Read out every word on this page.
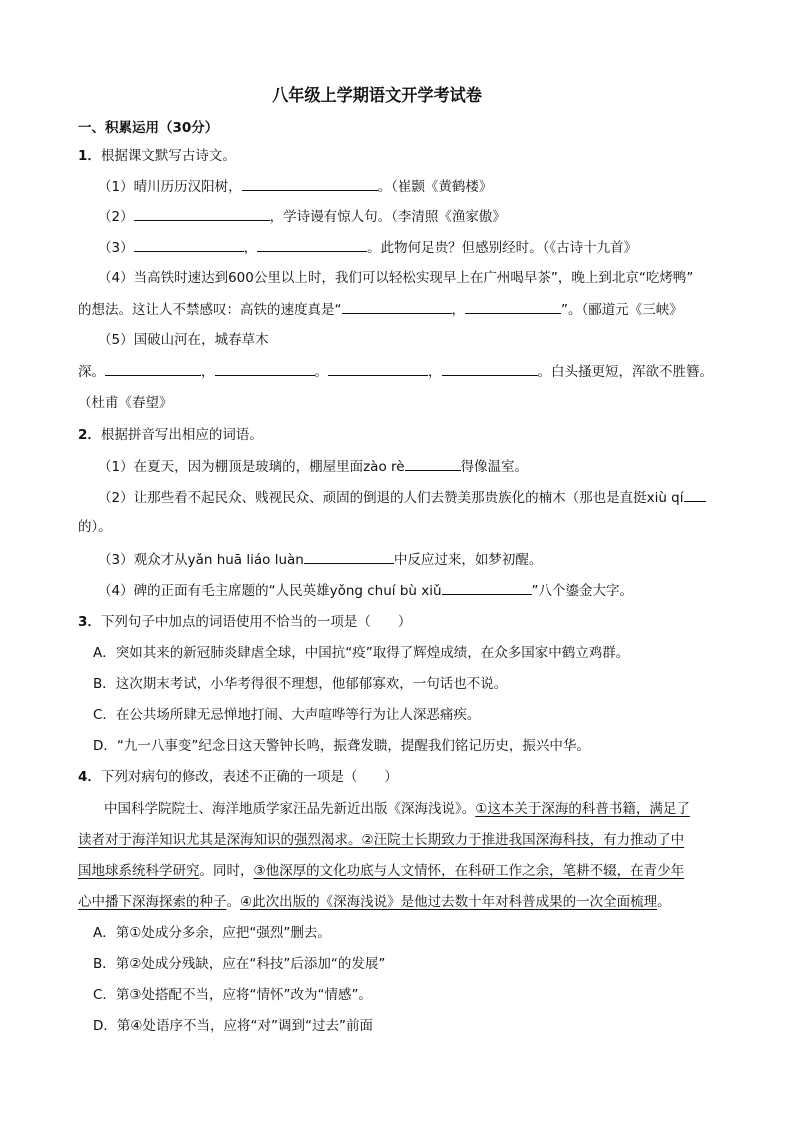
八年级上学期语文开学考试卷
一、积累运用（30分）
1．根据课文默写古诗文。
（1）晴川历历汉阳树，	。（崔颢《黄鹤楼》
（2）	，学诗谩有惊人句。（李清照《渔家傲》
（3）	，	。此物何足贵？但感别经时。（《古诗十九首》
（4）当高铁时速达到600公里以上时，我们可以轻松实现早上在广州喝早茶”，晚上到北京“吃烤鸭”
的想法。这让人不禁感叹：高铁的速度真是“	，	”。（郦道元《三峡》
（5）国破山河在，城春草木
深。	，	。	，	。白头搔更短，浑欲不胜簪。
（杜甫《春望》
2．根据拼音写出相应的词语。
（1）在夏天，因为棚顶是玻璃的，棚屋里面zào rè	得像温室。
（2）让那些看不起民众、贱视民众、顽固的倒退的人们去赞美那贵族化的楠木（那也是直挺xiù qí
的）。
（3）观众才从yǎn huā liáo luàn	中反应过来，如梦初醒。
（4）碑的正面有毛主席题的“人民英雄yǒng chuí bù xiǔ	”八个鎏金大字。
3．下列句子中加点的词语使用不恰当的一项是（　　）
A．突如其来的新冠肺炎肆虐全球，中国抗“疫”取得了辉煌成绩，在众多国家中鹤立鸡群。
B．这次期末考试，小华考得很不理想，他郁郁寡欢，一句话也不说。
C．在公共场所肆无忌惮地打闹、大声喧哗等行为让人深恶痛疾。
D．“九一八事变”纪念日这天警钟长鸣，振聋发聩，提醒我们铭记历史，振兴中华。
4．下列对病句的修改，表述不正确的一项是（　　）
中国科学院院士、海洋地质学家汪品先新近出版《深海浅说》。①这本关于深海的科普书籍，满足了
读者对于海洋知识尤其是深海知识的强烈渴求。②汪院士长期致力于推进我国深海科技，有力推动了中
国地球系统科学研究。同时，③他深厚的文化功底与人文情怀，在科研工作之余，笔耕不辍，在青少年
心中播下深海探索的种子。④此次出版的《深海浅说》是他过去数十年对科普成果的一次全面梳理。
A．第①处成分多余，应把“强烈”删去。
B．第②处成分残缺，应在“科技”后添加“的发展”
C．第③处搭配不当，应将“情怀”改为“情感”。
D．第④处语序不当，应将“对”调到“过去”前面
